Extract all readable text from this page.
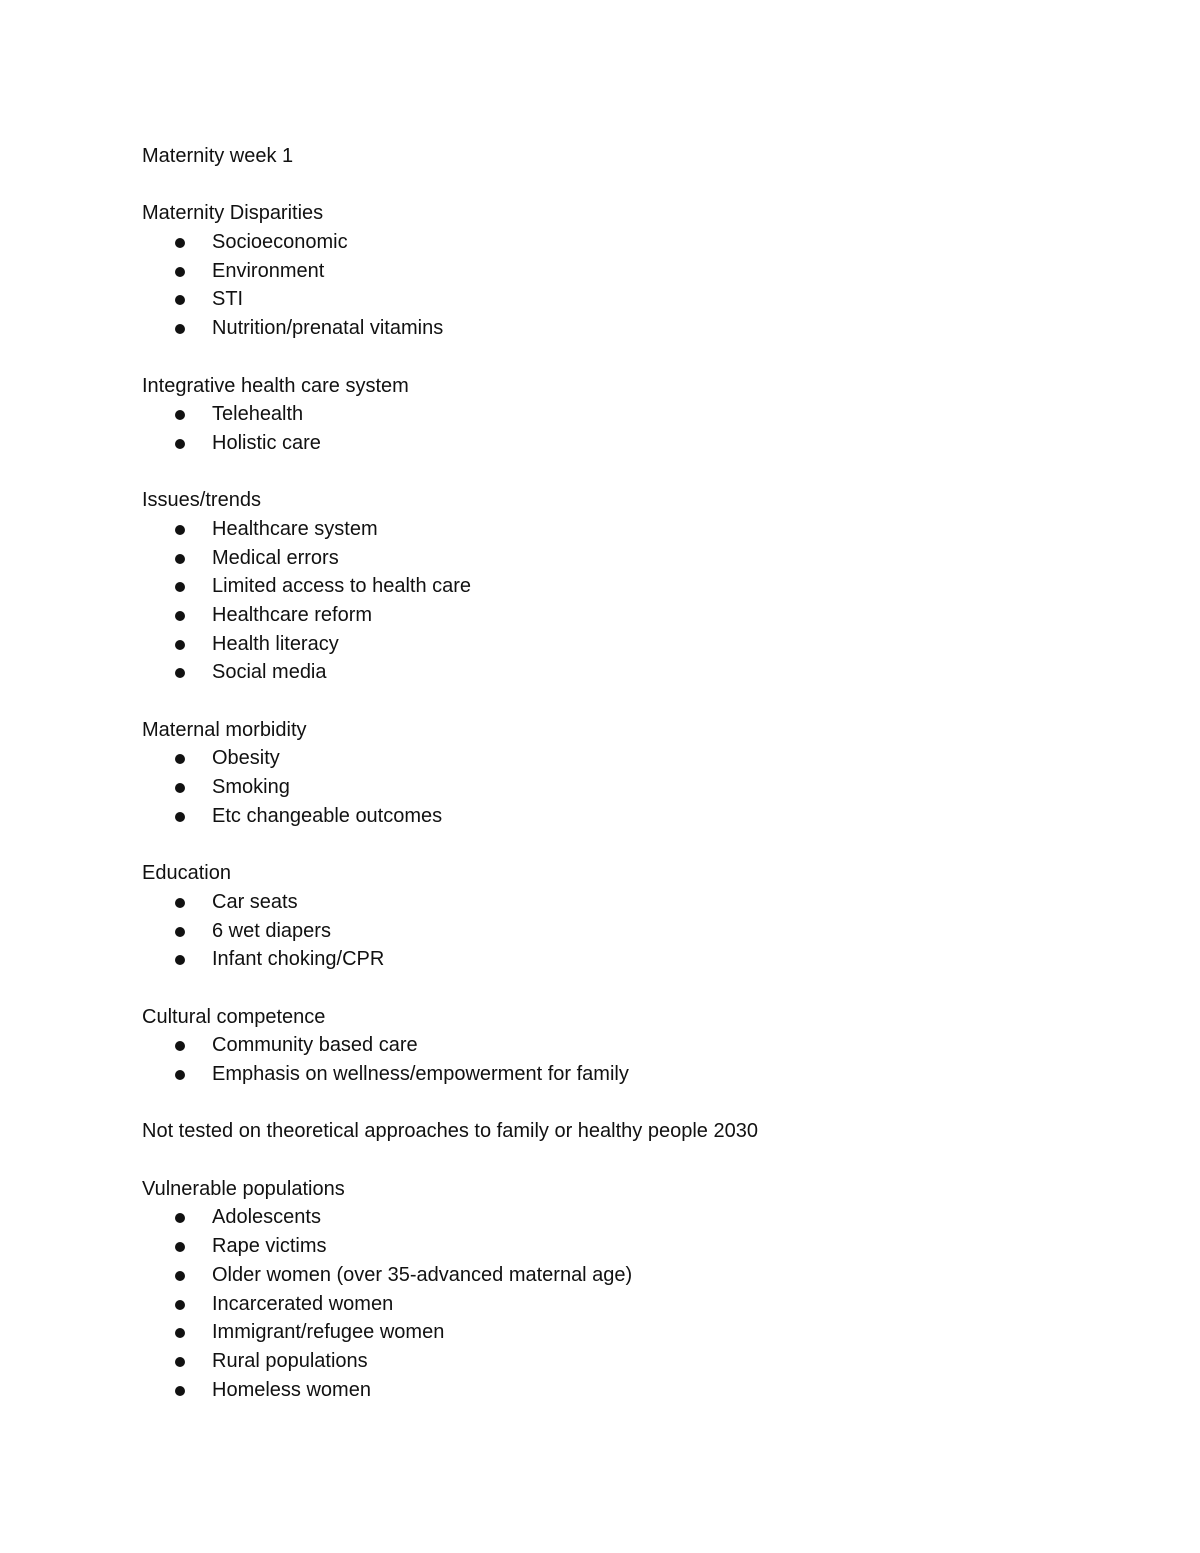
Maternity week 1

Maternity Disparities

Socioeconomic
Environment
STI
Nutrition/prenatal vitamins

Integrative health care system

Telehealth
Holistic care

Issues/trends

Healthcare system
Medical errors
Limited access to health care
Healthcare reform
Health literacy
Social media

Maternal morbidity

Obesity
Smoking
Etc changeable outcomes

Education

Car seats
6 wet diapers
Infant choking/CPR

Cultural competence

Community based care
Emphasis on wellness/empowerment for family

Not tested on theoretical approaches to family or healthy people 2030

Vulnerable populations

Adolescents
Rape victims
Older women (over 35-advanced maternal age)
Incarcerated women
Immigrant/refugee women
Rural populations
Homeless women
